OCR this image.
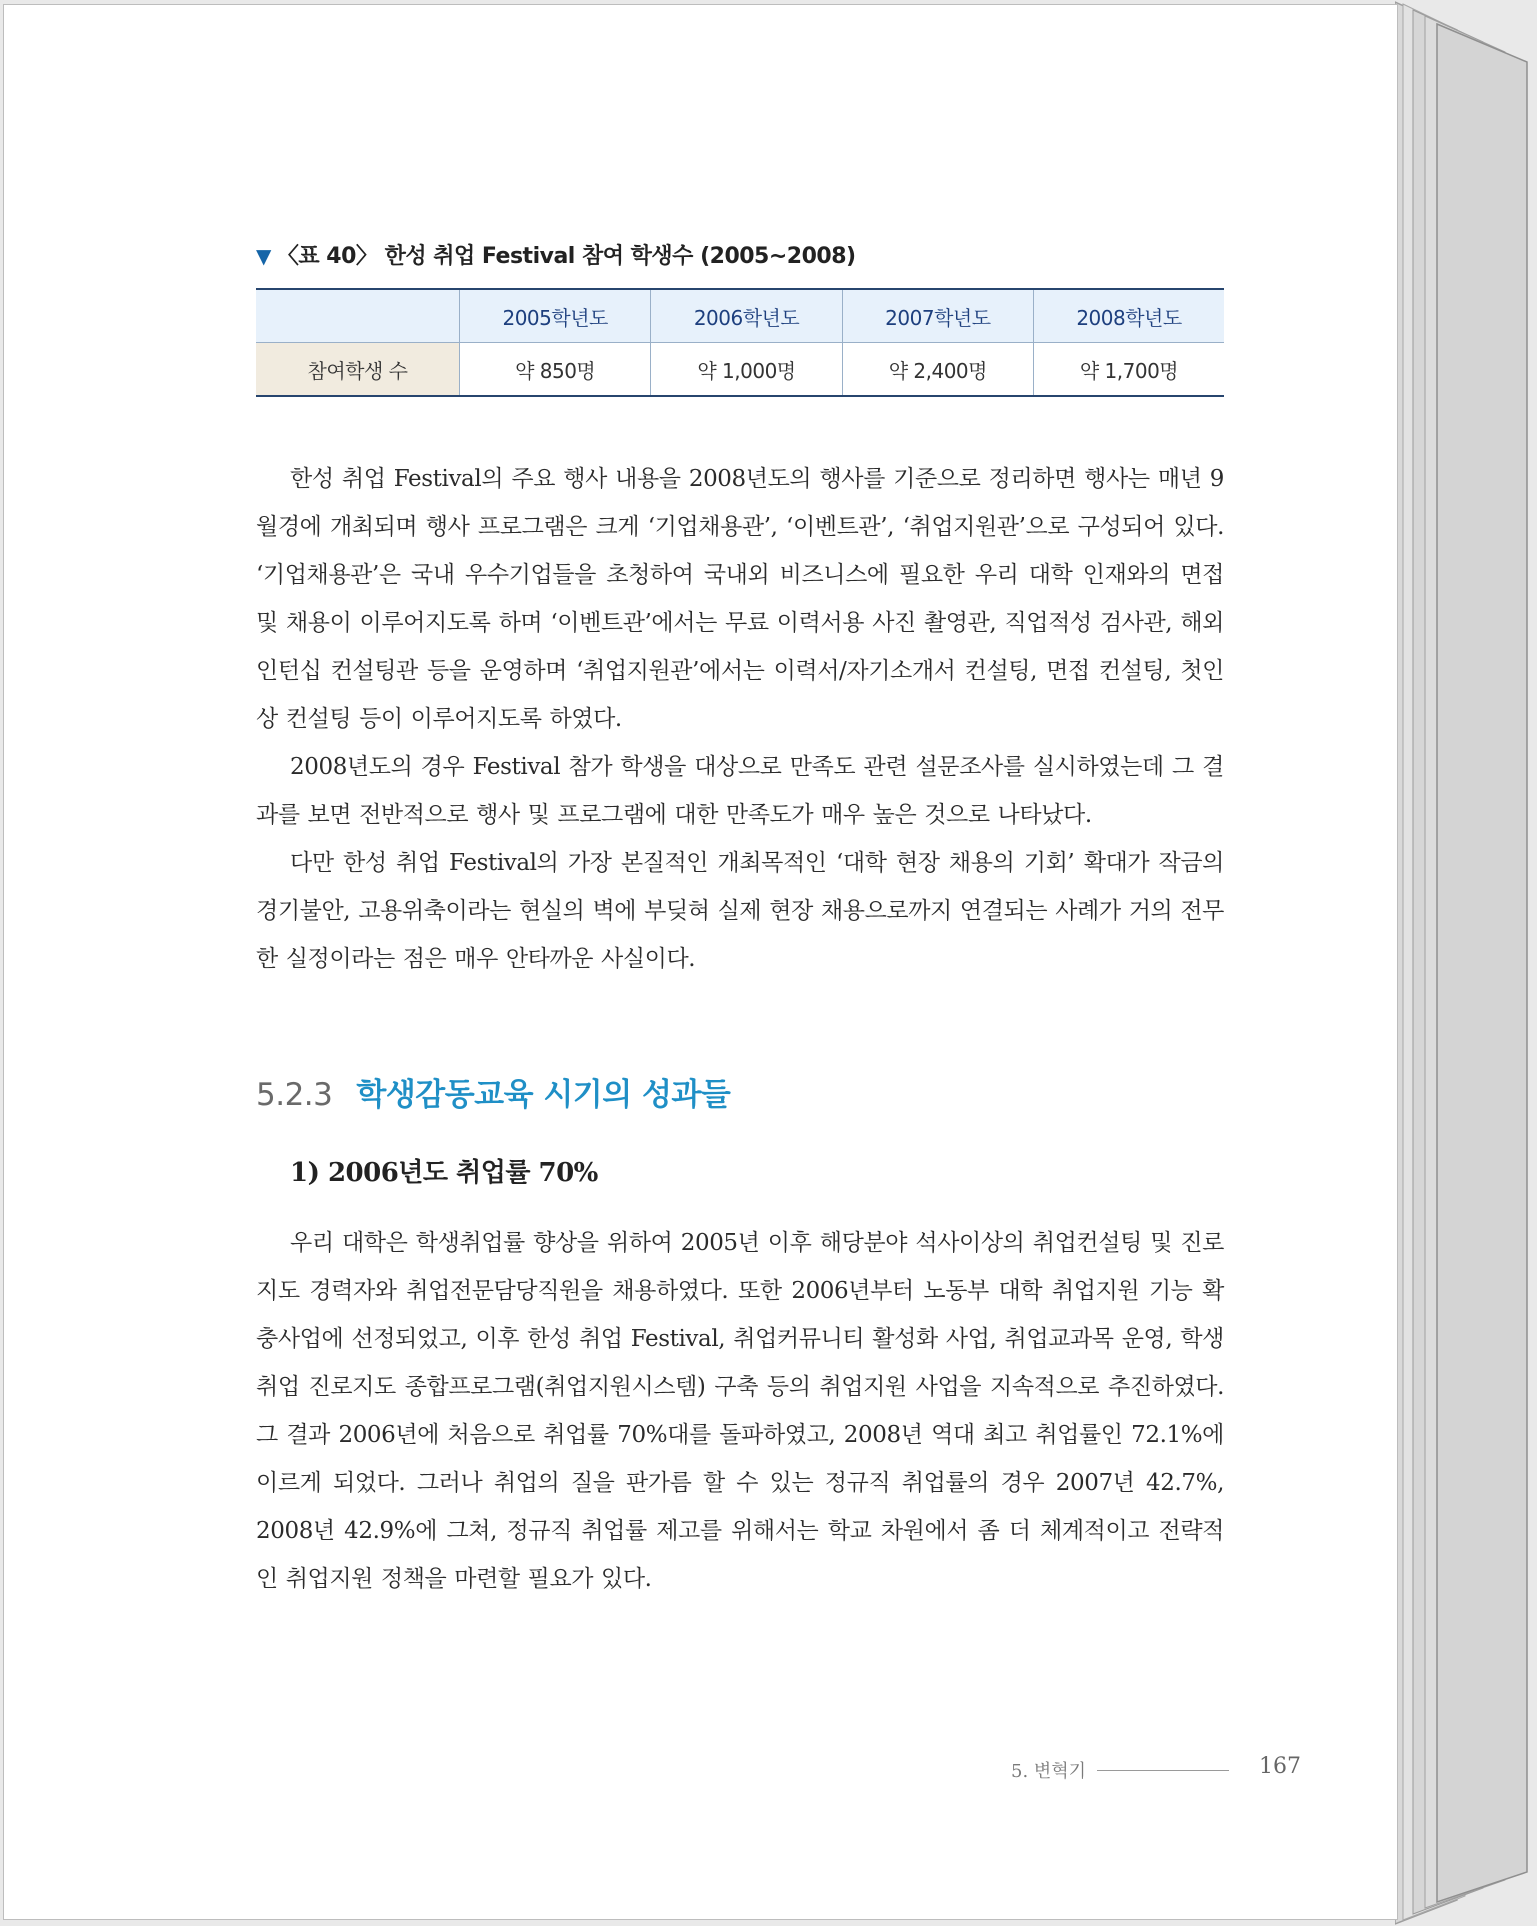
▼ 〈표 40〉 한성 취업 Festival 참여 학생수 (2005~2008)
	2005학년도	2006학년도	2007학년도	2008학년도
참여학생 수	약 850명	약 1,000명	약 2,400명	약 1,700명

한성 취업 Festival의 주요 행사 내용을 2008년도의 행사를 기준으로 정리하면 행사는 매년 9월경에 개최되며 행사 프로그램은 크게 ‘기업채용관’, ‘이벤트관’, ‘취업지원관’으로 구성되어 있다. ‘기업채용관’은 국내 우수기업들을 초청하여 국내외 비즈니스에 필요한 우리 대학 인재와의 면접 및 채용이 이루어지도록 하며 ‘이벤트관’에서는 무료 이력서용 사진 촬영관, 직업적성 검사관, 해외 인턴십 컨설팅관 등을 운영하며 ‘취업지원관’에서는 이력서/자기소개서 컨설팅, 면접 컨설팅, 첫인상 컨설팅 등이 이루어지도록 하였다.

2008년도의 경우 Festival 참가 학생을 대상으로 만족도 관련 설문조사를 실시하였는데 그 결과를 보면 전반적으로 행사 및 프로그램에 대한 만족도가 매우 높은 것으로 나타났다.

다만 한성 취업 Festival의 가장 본질적인 개최목적인 ‘대학 현장 채용의 기회’ 확대가 작금의 경기불안, 고용위축이라는 현실의 벽에 부딪혀 실제 현장 채용으로까지 연결되는 사례가 거의 전무한 실정이라는 점은 매우 안타까운 사실이다.

5.2.3 학생감동교육 시기의 성과들
1) 2006년도 취업률 70%

우리 대학은 학생취업률 향상을 위하여 2005년 이후 해당분야 석사이상의 취업컨설팅 및 진로지도 경력자와 취업전문담당직원을 채용하였다. 또한 2006년부터 노동부 대학 취업지원 기능 확충사업에 선정되었고, 이후 한성 취업 Festival, 취업커뮤니티 활성화 사업, 취업교과목 운영, 학생 취업 진로지도 종합프로그램(취업지원시스템) 구축 등의 취업지원 사업을 지속적으로 추진하였다. 그 결과 2006년에 처음으로 취업률 70%대를 돌파하였고, 2008년 역대 최고 취업률인 72.1%에 이르게 되었다. 그러나 취업의 질을 판가름 할 수 있는 정규직 취업률의 경우 2007년 42.7%, 2008년 42.9%에 그쳐, 정규직 취업률 제고를 위해서는 학교 차원에서 좀 더 체계적이고 전략적인 취업지원 정책을 마련할 필요가 있다.

5. 변혁기	167
